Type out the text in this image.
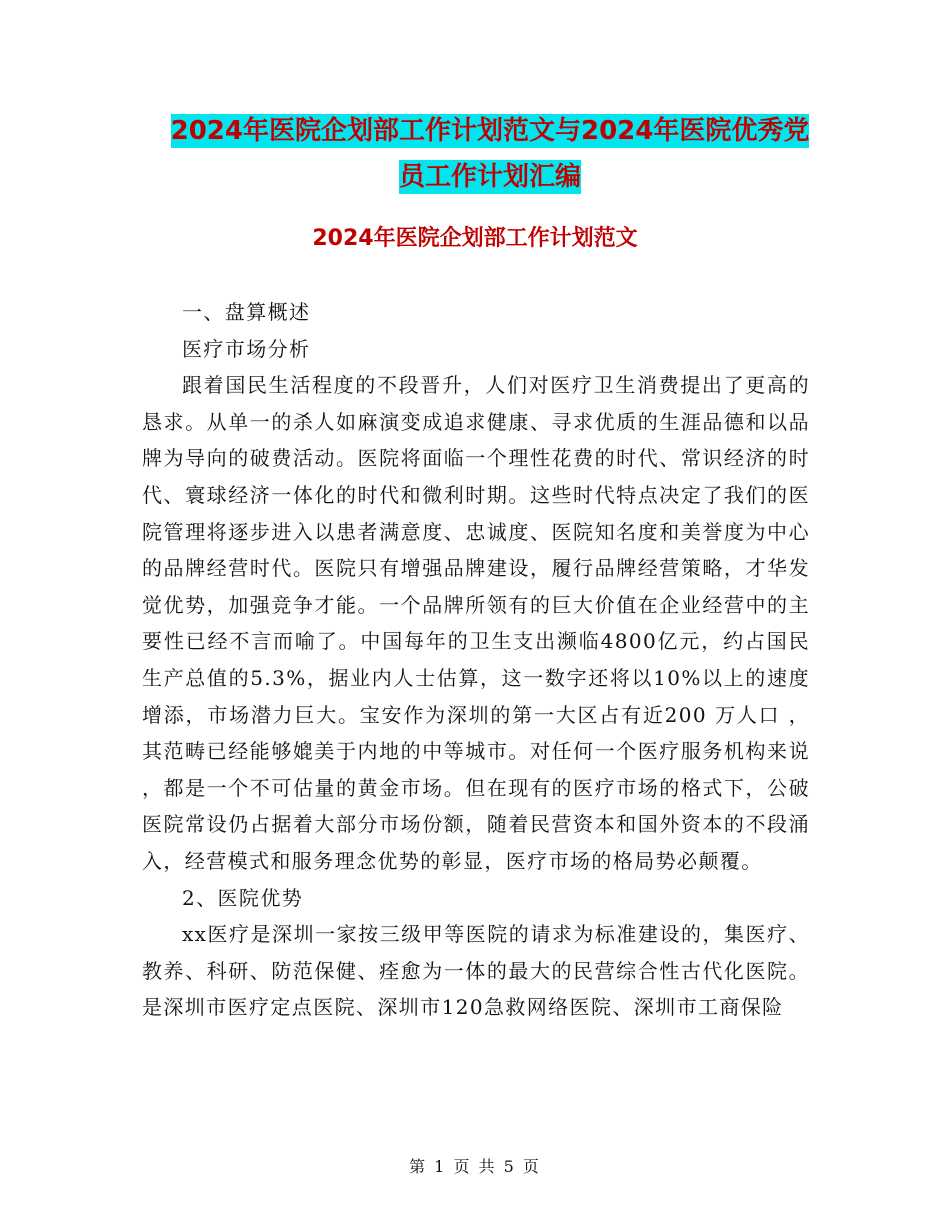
2024年医院企划部工作计划范文与2024年医院优秀党
员工作计划汇编
2024年医院企划部工作计划范文

一、盘算概述

医疗市场分析

跟着国民生活程度的不段晋升，人们对医疗卫生消费提出了更高的恳求。从单一的杀人如麻演变成追求健康、寻求优质的生涯品德和以品牌为导向的破费活动。医院将面临一个理性花费的时代、常识经济的时代、寰球经济一体化的时代和微利时期。这些时代特点决定了我们的医院管理将逐步进入以患者满意度、忠诚度、医院知名度和美誉度为中心的品牌经营时代。医院只有增强品牌建设，履行品牌经营策略，才华发觉优势，加强竞争才能。一个品牌所领有的巨大价值在企业经营中的主要性已经不言而喻了。中国每年的卫生支出濒临4800亿元，约占国民生产总值的5.3%，据业内人士估算，这一数字还将以10%以上的速度增添，市场潜力巨大。宝安作为深圳的第一大区占有近200 万人口 ，其范畴已经能够媲美于内地的中等城市。对任何一个医疗服务机构来说 ，都是一个不可估量的黄金市场。但在现有的医疗市场的格式下，公破医院常设仍占据着大部分市场份额，随着民营资本和国外资本的不段涌入，经营模式和服务理念优势的彰显，医疗市场的格局势必颠覆。

2、医院优势

xx医疗是深圳一家按三级甲等医院的请求为标准建设的，集医疗、教养、科研、防范保健、痊愈为一体的最大的民营综合性古代化医院。是深圳市医疗定点医院、深圳市120急救网络医院、深圳市工商保险

第 1 页 共 5 页
